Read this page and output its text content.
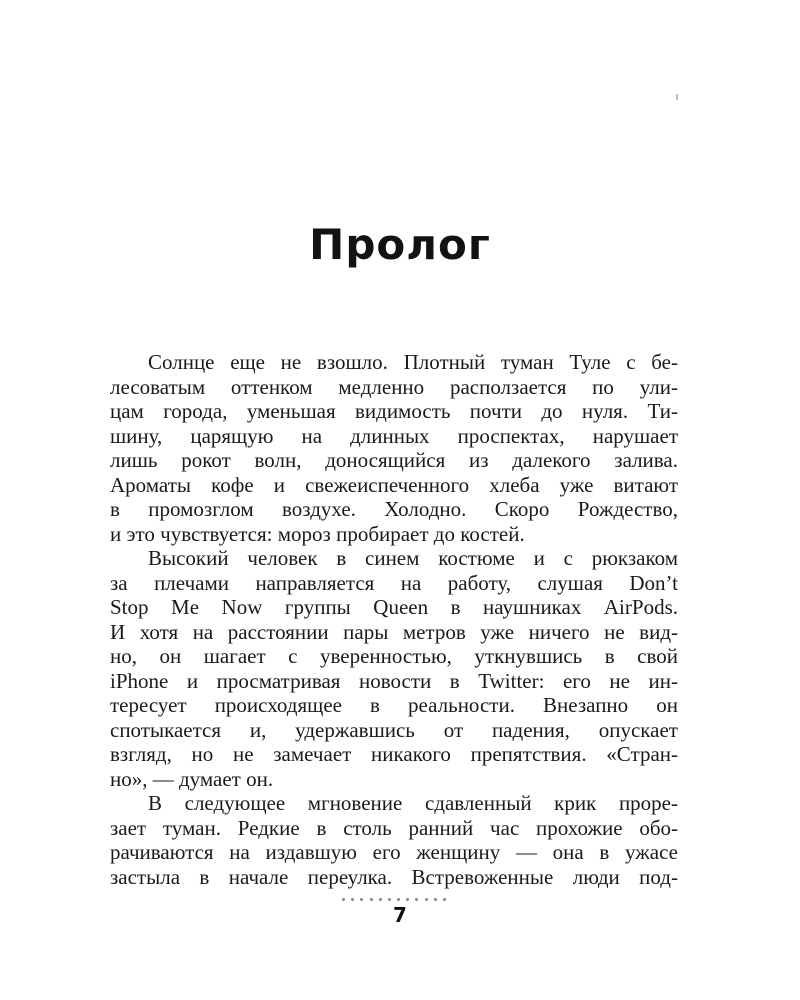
Пролог
Солнце еще не взошло. Плотный туман Туле с бе-
лесоватым оттенком медленно расползается по ули-
цам города, уменьшая видимость почти до нуля. Ти-
шину, царящую на длинных проспектах, нарушает
лишь рокот волн, доносящийся из далекого залива.
Ароматы кофе и свежеиспеченного хлеба уже витают
в промозглом воздухе. Холодно. Скоро Рождество,
и это чувствуется: мороз пробирает до костей.
Высокий человек в синем костюме и с рюкзаком
за плечами направляется на работу, слушая Don’t
Stop Me Now группы Queen в наушниках AirPods.
И хотя на расстоянии пары метров уже ничего не вид-
но, он шагает с уверенностью, уткнувшись в свой
iPhone и просматривая новости в Twitter: его не ин-
тересует происходящее в реальности. Внезапно он
спотыкается и, удержавшись от падения, опускает
взгляд, но не замечает никакого препятствия. «Стран-
но», — думает он.
В следующее мгновение сдавленный крик проре-
зает туман. Редкие в столь ранний час прохожие обо-
рачиваются на издавшую его женщину — она в ужасе
застыла в начале переулка. Встревоженные люди под-
7
